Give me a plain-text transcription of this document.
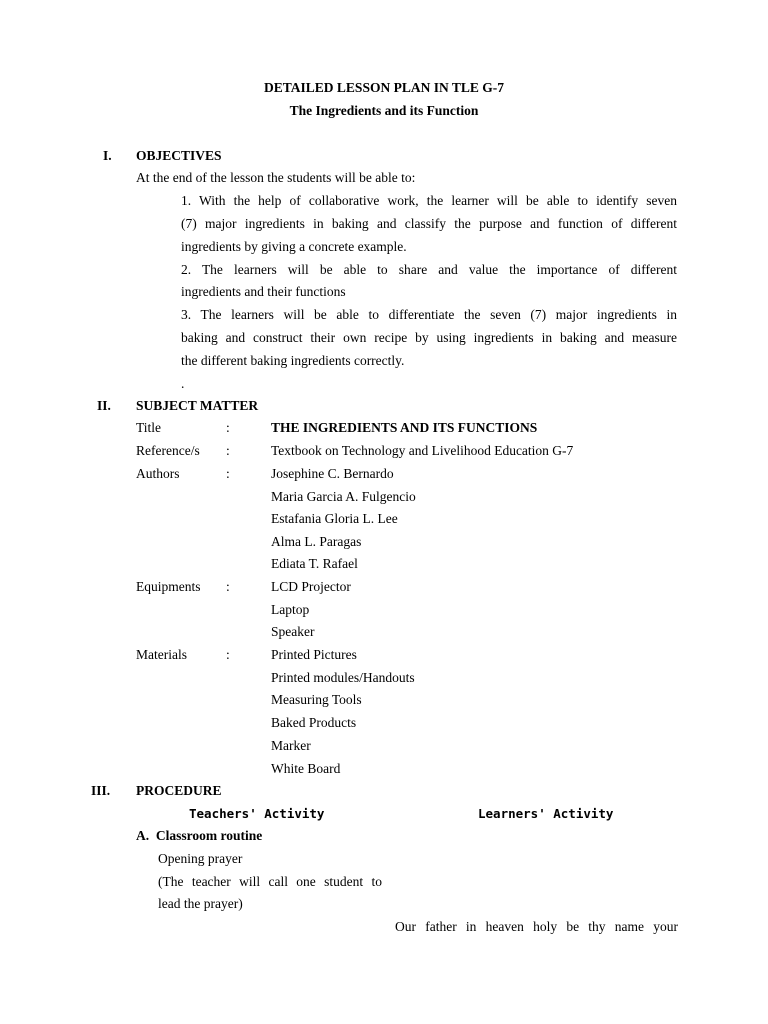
DETAILED LESSON PLAN IN TLE G-7
The Ingredients and its Function
I. OBJECTIVES
At the end of the lesson the students will be able to:
1. With the help of collaborative work, the learner will be able to identify seven
(7) major ingredients in baking and classify the purpose and function of different
ingredients by giving a concrete example.
2. The learners will be able to share and value the importance of different
ingredients and their functions
3. The learners will be able to differentiate the seven (7) major ingredients in
baking and construct their own recipe by using ingredients in baking and measure
the different baking ingredients correctly.
.
II. SUBJECT MATTER
Title	:	THE INGREDIENTS AND ITS FUNCTIONS
Reference/s :	Textbook on Technology and Livelihood Education G-7
Authors	:	Josephine C. Bernardo
Maria Garcia A. Fulgencio
Estafania Gloria L. Lee
Alma L. Paragas
Ediata T. Rafael
Equipments :	LCD Projector
Laptop
Speaker
Materials	:	Printed Pictures
Printed modules/Handouts
Measuring Tools
Baked Products
Marker
White Board
III. PROCEDURE
Teachers' Activity	Learners' Activity
A.  Classroom routine
Opening prayer
(The teacher will call one student to
lead the prayer)
Our father in heaven holy be thy name your
